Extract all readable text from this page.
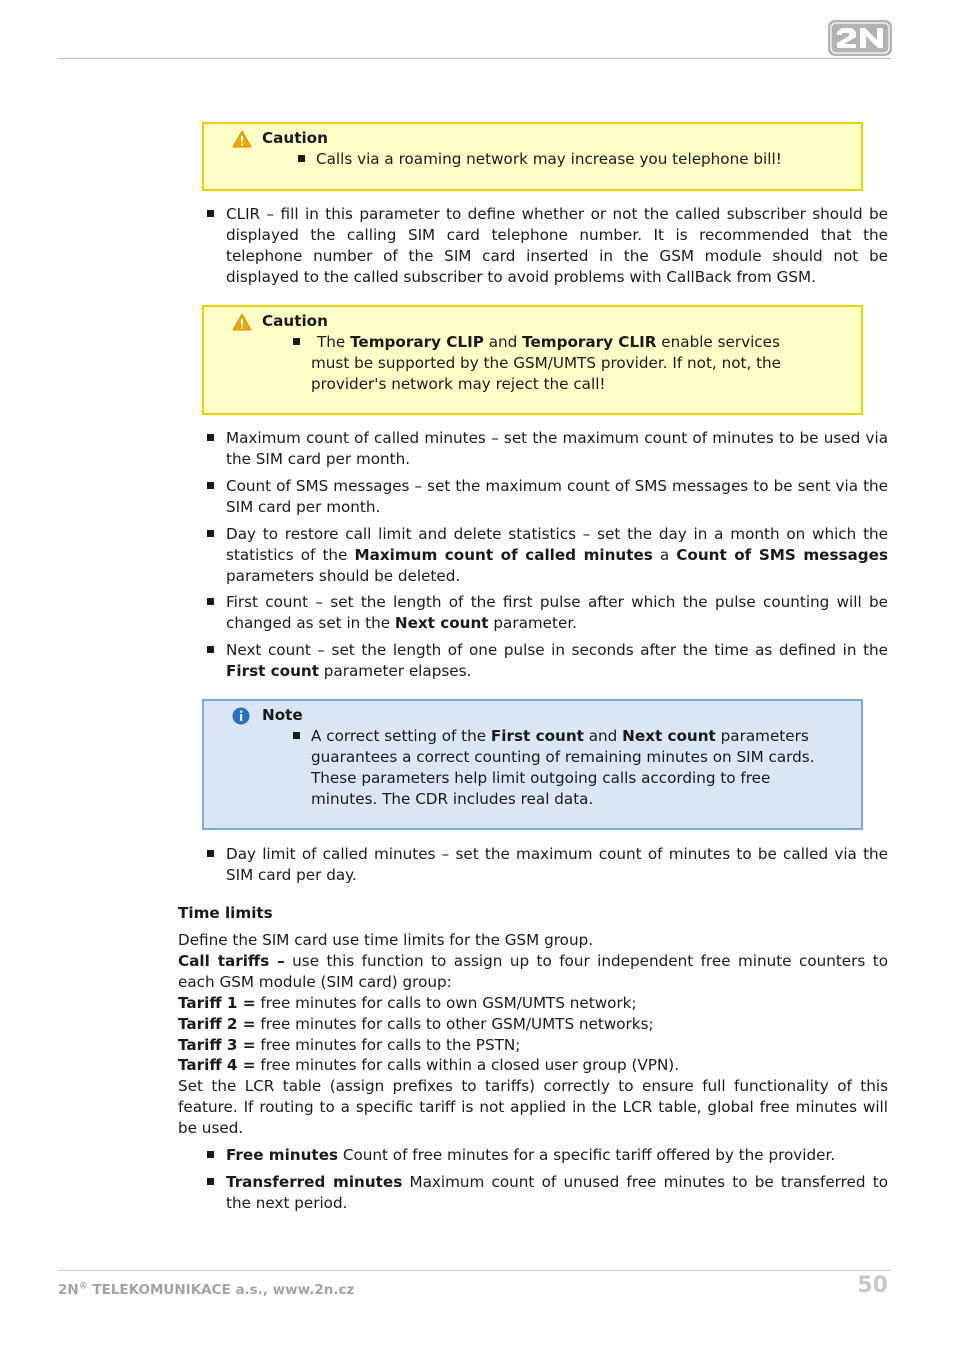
Caution
Calls via a roaming network may increase you telephone bill!
CLIR – fill in this parameter to define whether or not the called subscriber should be displayed the calling SIM card telephone number. It is recommended that the telephone number of the SIM card inserted in the GSM module should not be displayed to the called subscriber to avoid problems with CallBack from GSM.
Caution
The Temporary CLIP and Temporary CLIR enable services must be supported by the GSM/UMTS provider. If not, not, the provider's network may reject the call!
Maximum count of called minutes – set the maximum count of minutes to be used via the SIM card per month.
Count of SMS messages – set the maximum count of SMS messages to be sent via the SIM card per month.
Day to restore call limit and delete statistics – set the day in a month on which the statistics of the Maximum count of called minutes a Count of SMS messages parameters should be deleted.
First count – set the length of the first pulse after which the pulse counting will be changed as set in the Next count parameter.
Next count – set the length of one pulse in seconds after the time as defined in the First count parameter elapses.
Note
A correct setting of the First count and Next count parameters guarantees a correct counting of remaining minutes on SIM cards. These parameters help limit outgoing calls according to free minutes. The CDR includes real data.
Day limit of called minutes – set the maximum count of minutes to be called via the SIM card per day.
Time limits
Define the SIM card use time limits for the GSM group.
Call tariffs – use this function to assign up to four independent free minute counters to each GSM module (SIM card) group:
Tariff 1 = free minutes for calls to own GSM/UMTS network;
Tariff 2 = free minutes for calls to other GSM/UMTS networks;
Tariff 3 = free minutes for calls to the PSTN;
Tariff 4 = free minutes for calls within a closed user group (VPN).
Set the LCR table (assign prefixes to tariffs) correctly to ensure full functionality of this feature. If routing to a specific tariff is not applied in the LCR table, global free minutes will be used.
Free minutes Count of free minutes for a specific tariff offered by the provider.
Transferred minutes Maximum count of unused free minutes to be transferred to the next period.
2N® TELEKOMUNIKACE a.s., www.2n.cz	50
